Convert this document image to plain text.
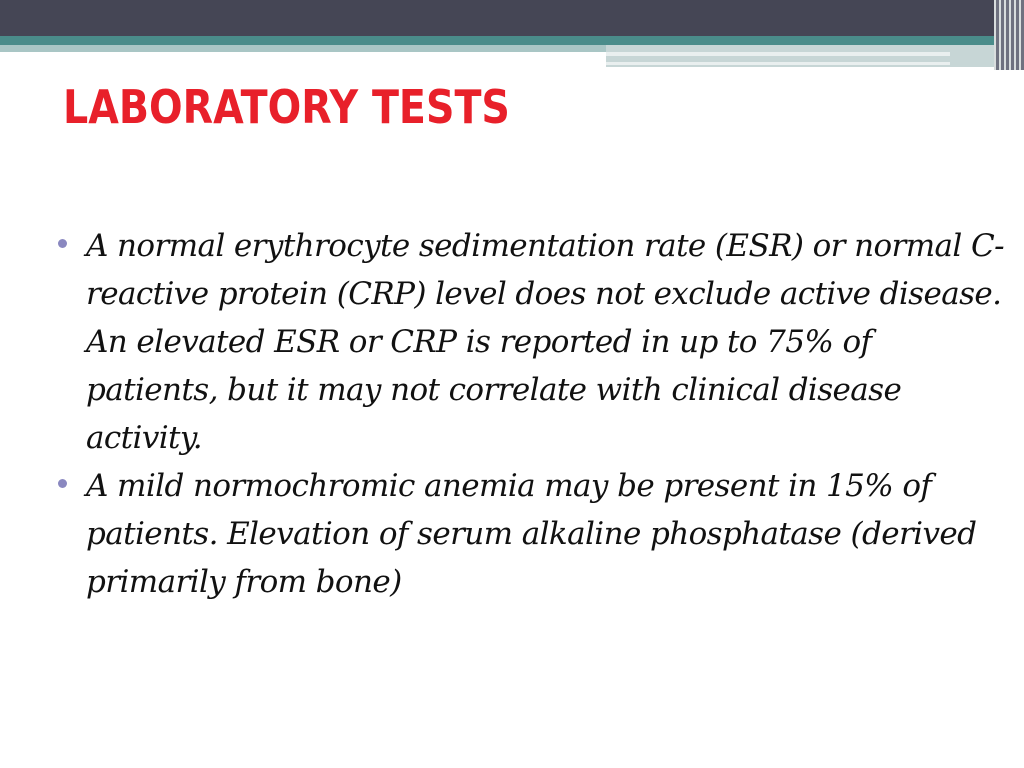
LABORATORY TESTS
A normal erythrocyte sedimentation rate (ESR) or normal C-reactive protein (CRP) level does not exclude active disease. An elevated ESR or CRP is reported in up to 75% of patients, but it may not correlate with clinical disease activity.
A mild normochromic anemia may be present in 15% of patients. Elevation of serum alkaline phosphatase (derived primarily from bone)
